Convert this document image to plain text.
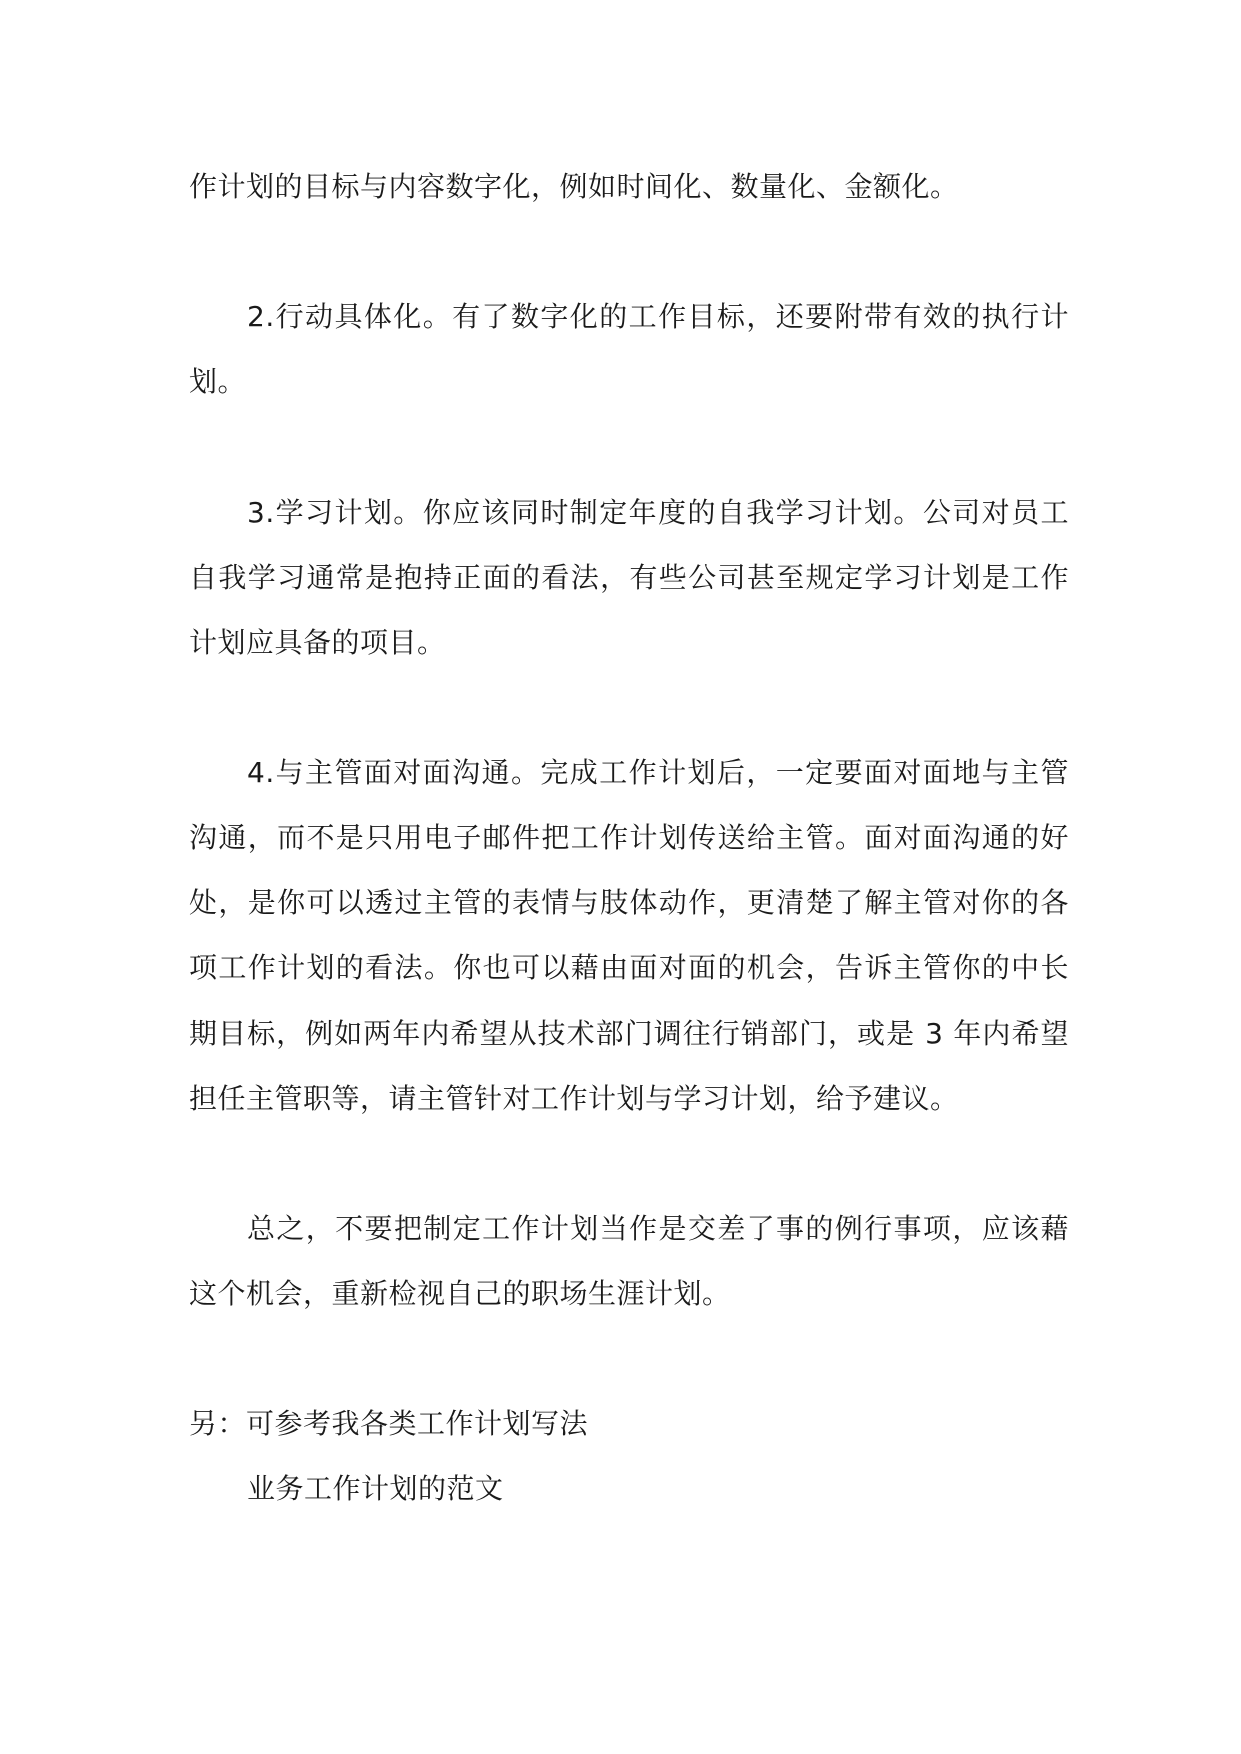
作计划的目标与内容数字化，例如时间化、数量化、金额化。
2.行动具体化。有了数字化的工作目标，还要附带有效的执行计
划。
3.学习计划。你应该同时制定年度的自我学习计划。公司对员工
自我学习通常是抱持正面的看法，有些公司甚至规定学习计划是工作
计划应具备的项目。
4.与主管面对面沟通。完成工作计划后，一定要面对面地与主管
沟通，而不是只用电子邮件把工作计划传送给主管。面对面沟通的好
处，是你可以透过主管的表情与肢体动作，更清楚了解主管对你的各
项工作计划的看法。你也可以藉由面对面的机会，告诉主管你的中长
期目标，例如两年内希望从技术部门调往行销部门，或是 3 年内希望
担任主管职等，请主管针对工作计划与学习计划，给予建议。
总之，不要把制定工作计划当作是交差了事的例行事项，应该藉
这个机会，重新检视自己的职场生涯计划。
另：可参考我各类工作计划写法
业务工作计划的范文
